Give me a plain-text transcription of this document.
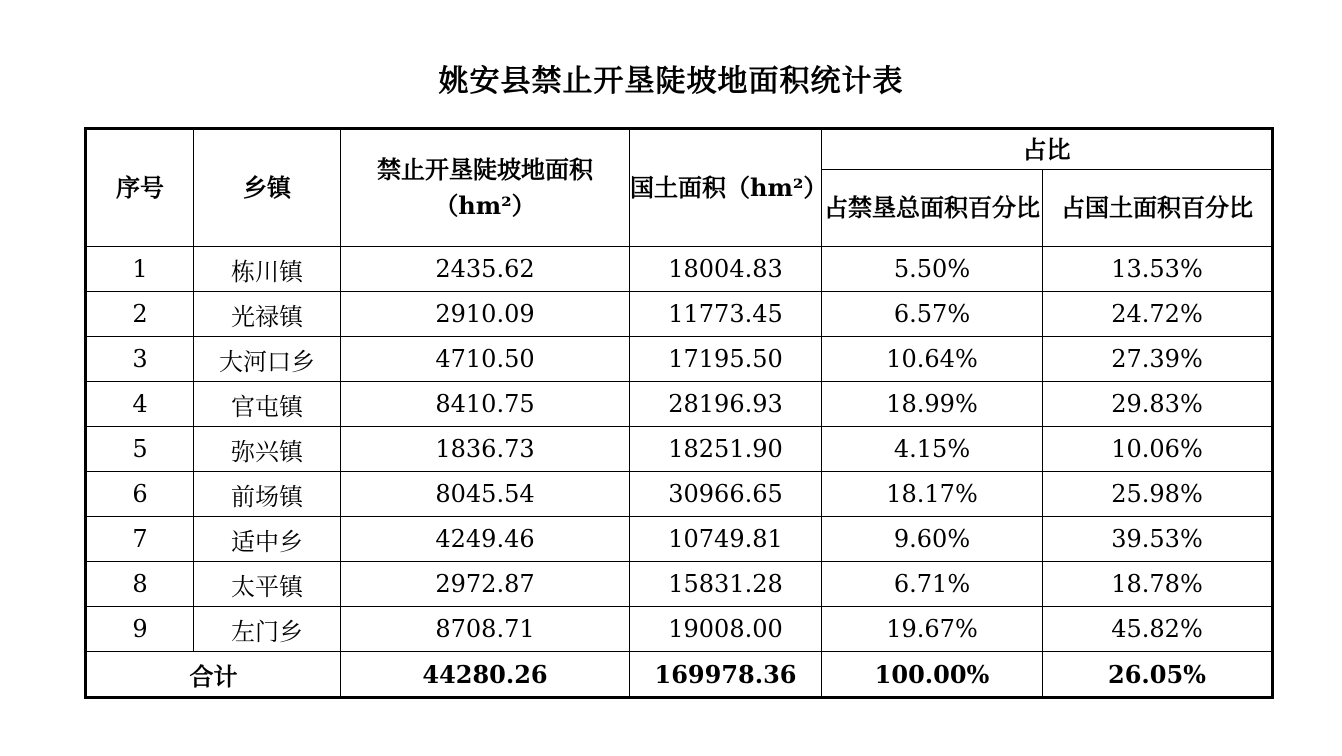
姚安县禁止开垦陡坡地面积统计表
序号	乡镇	禁止开垦陡坡地面积（hm²）	国土面积（hm²）	占比	
				占禁垦总面积百分比	占国土面积百分比
1	栋川镇	2435.62	18004.83	5.50%	13.53%
2	光禄镇	2910.09	11773.45	6.57%	24.72%
3	大河口乡	4710.50	17195.50	10.64%	27.39%
4	官屯镇	8410.75	28196.93	18.99%	29.83%
5	弥兴镇	1836.73	18251.90	4.15%	10.06%
6	前场镇	8045.54	30966.65	18.17%	25.98%
7	适中乡	4249.46	10749.81	9.60%	39.53%
8	太平镇	2972.87	15831.28	6.71%	18.78%
9	左门乡	8708.71	19008.00	19.67%	45.82%
合计		44280.26	169978.36	100.00%	26.05%
